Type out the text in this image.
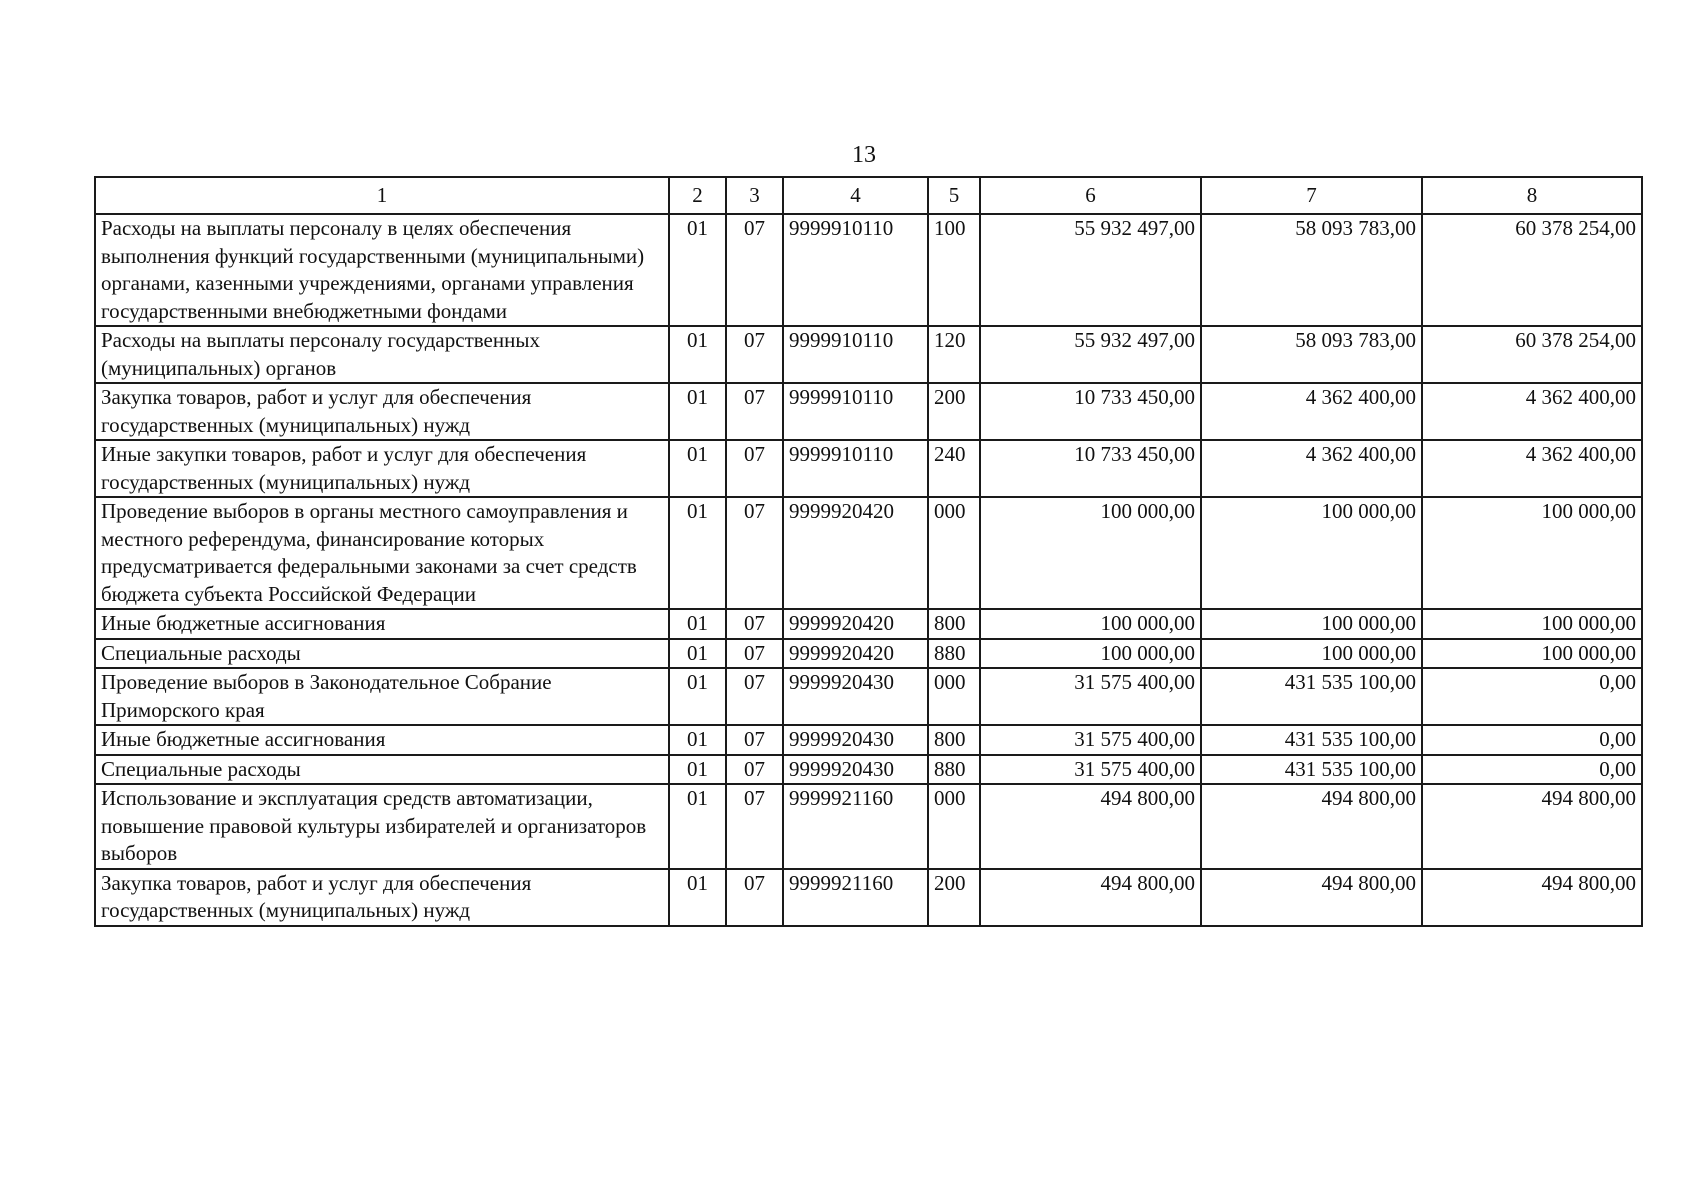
13
1	2	3	4	5	6	7	8
Расходы на выплаты персоналу в целях обеспечения выполнения функций государственными (муниципальными) органами, казенными учреждениями, органами управления государственными внебюджетными фондами	01	07	9999910110	100	55 932 497,00	58 093 783,00	60 378 254,00
Расходы на выплаты персоналу государственных (муниципальных) органов	01	07	9999910110	120	55 932 497,00	58 093 783,00	60 378 254,00
Закупка товаров, работ и услуг для обеспечения государственных (муниципальных) нужд	01	07	9999910110	200	10 733 450,00	4 362 400,00	4 362 400,00
Иные закупки товаров, работ и услуг для обеспечения государственных (муниципальных) нужд	01	07	9999910110	240	10 733 450,00	4 362 400,00	4 362 400,00
Проведение выборов в органы местного самоуправления и местного референдума, финансирование которых предусматривается федеральными законами за счет средств бюджета субъекта Российской Федерации	01	07	9999920420	000	100 000,00	100 000,00	100 000,00
Иные бюджетные ассигнования	01	07	9999920420	800	100 000,00	100 000,00	100 000,00
Специальные расходы	01	07	9999920420	880	100 000,00	100 000,00	100 000,00
Проведение выборов в Законодательное Собрание Приморского края	01	07	9999920430	000	31 575 400,00	431 535 100,00	0,00
Иные бюджетные ассигнования	01	07	9999920430	800	31 575 400,00	431 535 100,00	0,00
Специальные расходы	01	07	9999920430	880	31 575 400,00	431 535 100,00	0,00
Использование и эксплуатация средств автоматизации, повышение правовой культуры избирателей и организаторов выборов	01	07	9999921160	000	494 800,00	494 800,00	494 800,00
Закупка товаров, работ и услуг для обеспечения государственных (муниципальных) нужд	01	07	9999921160	200	494 800,00	494 800,00	494 800,00
